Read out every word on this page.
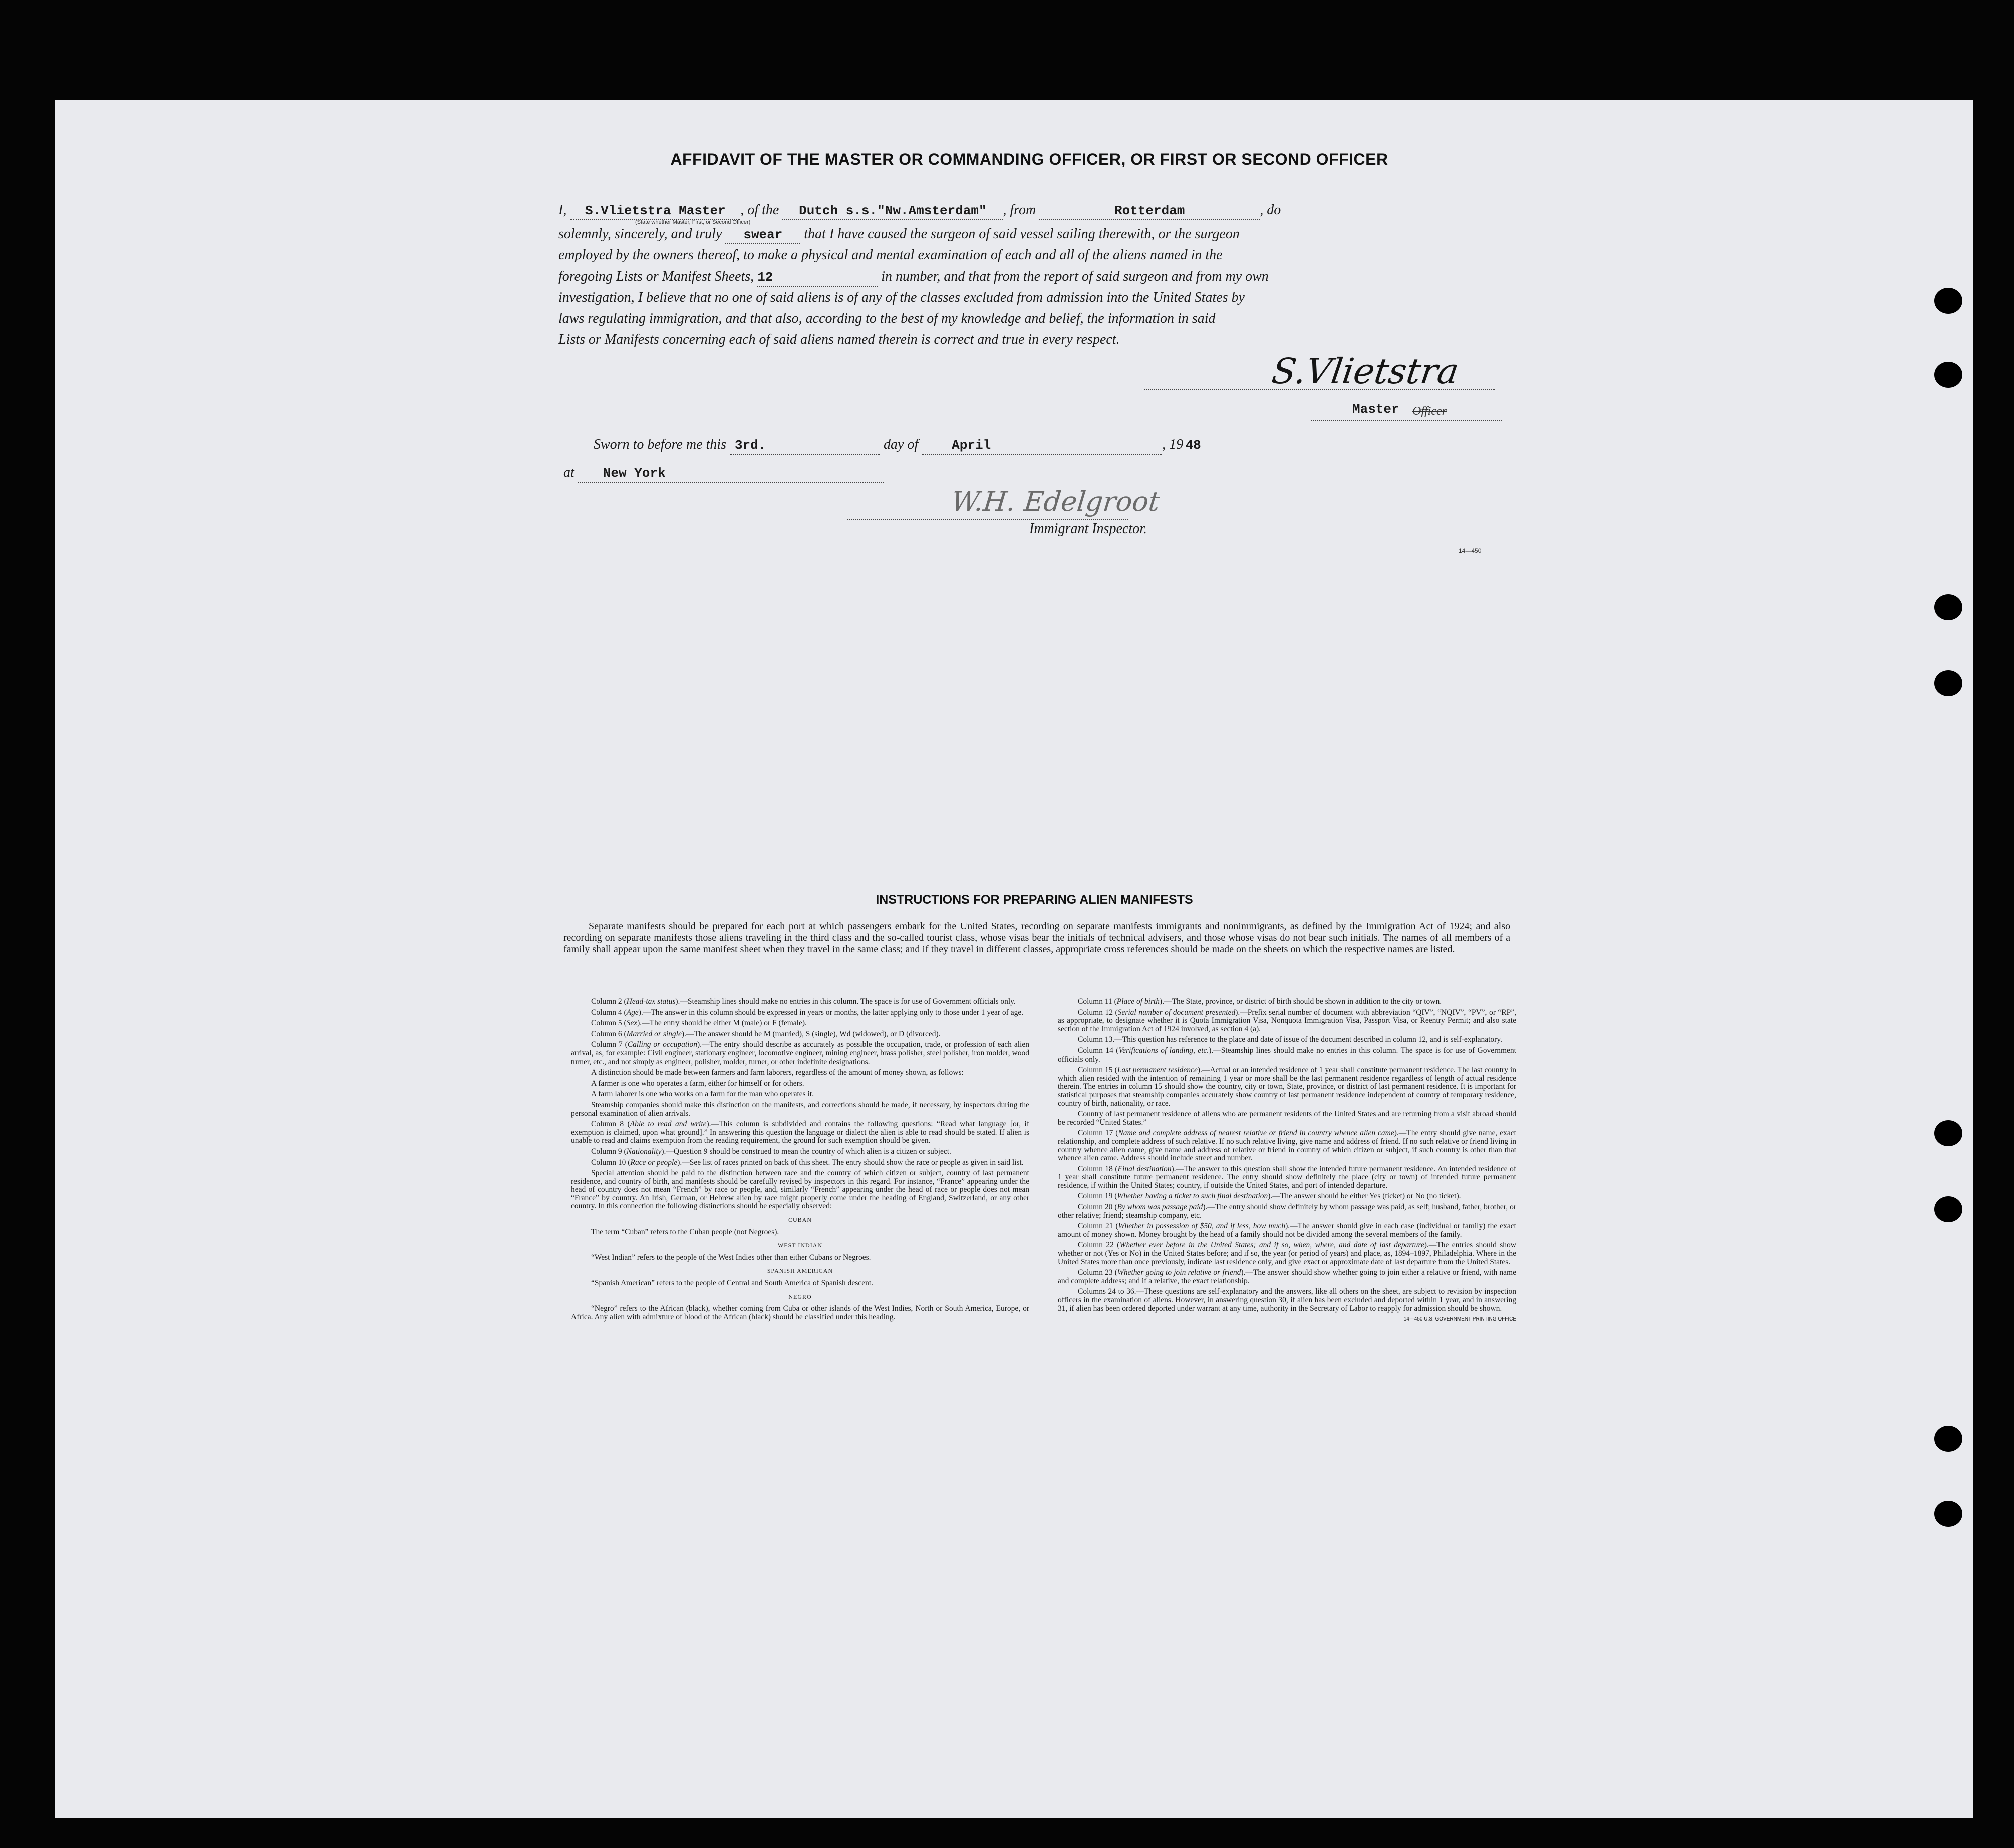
AFFIDAVIT OF THE MASTER OR COMMANDING OFFICER, OR FIRST OR SECOND OFFICER
I, S.Vlietstra Master , of the Dutch s.s."Nw.Amsterdam" , from	Rotterdam	, do
(State whether Master, First, or Second Officer)
solemnly, sincerely, and truly swear that I have caused the surgeon of said vessel sailing therewith, or the surgeon
employed by the owners thereof, to make a physical and mental examination of each and all of the aliens named in the
foregoing Lists or Manifest Sheets, 12	in number, and that from the report of said surgeon and from my own
investigation, I believe that no one of said aliens is of any of the classes excluded from admission into the United States by
laws regulating immigration, and that also, according to the best of my knowledge and belief, the information in said
Lists or Manifests concerning each of said aliens named therein is correct and true in every respect.
S.Vlietstra
Master Officer
Sworn to before me this 3rd.	day of	April	, 19 48
at New York
W.H. Edelgroot
Immigrant Inspector.
14—450
INSTRUCTIONS FOR PREPARING ALIEN MANIFESTS
Separate manifests should be prepared for each port at which passengers embark for the United States, recording on separate manifests immigrants and nonimmigrants, as defined by the Immigration Act of 1924; and also recording on separate manifests those aliens traveling in the third class and the so-called tourist class, whose visas bear the initials of technical advisers, and those whose visas do not bear such initials. The names of all members of a family shall appear upon the same manifest sheet when they travel in the same class; and if they travel in different classes, appropriate cross references should be made on the sheets on which the respective names are listed.

Column 2 (Head-tax status).—Steamship lines should make no entries in this column. The space is for use of Government officials only.

Column 4 (Age).—The answer in this column should be expressed in years or months, the latter applying only to those under 1 year of age.

Column 5 (Sex).—The entry should be either M (male) or F (female).

Column 6 (Married or single).—The answer should be M (married), S (single), Wd (widowed), or D (divorced).

Column 7 (Calling or occupation).—The entry should describe as accurately as possible the occupation, trade, or profession of each alien arrival, as, for example: Civil engineer, stationary engineer, locomotive engineer, mining engineer, brass polisher, steel polisher, iron molder, wood turner, etc., and not simply as engineer, polisher, molder, turner, or other indefinite designations.

A distinction should be made between farmers and farm laborers, regardless of the amount of money shown, as follows:

A farmer is one who operates a farm, either for himself or for others.

A farm laborer is one who works on a farm for the man who operates it.

Steamship companies should make this distinction on the manifests, and corrections should be made, if necessary, by inspectors during the personal examination of alien arrivals.

Column 8 (Able to read and write).—This column is subdivided and contains the following questions: “Read what language [or, if exemption is claimed, upon what ground].” In answering this question the language or dialect the alien is able to read should be stated. If alien is unable to read and claims exemption from the reading requirement, the ground for such exemption should be given.

Column 9 (Nationality).—Question 9 should be construed to mean the country of which alien is a citizen or subject.

Column 10 (Race or people).—See list of races printed on back of this sheet. The entry should show the race or people as given in said list.

Special attention should be paid to the distinction between race and the country of which citizen or subject, country of last permanent residence, and country of birth, and manifests should be carefully revised by inspectors in this regard. For instance, “France” appearing under the head of country does not mean “French” by race or people, and, similarly “French” appearing under the head of race or people does not mean “France” by country. An Irish, German, or Hebrew alien by race might properly come under the heading of England, Switzerland, or any other country. In this connection the following distinctions should be especially observed:

CUBAN

The term “Cuban” refers to the Cuban people (not Negroes).

WEST INDIAN

“West Indian” refers to the people of the West Indies other than either Cubans or Negroes.

SPANISH AMERICAN

“Spanish American” refers to the people of Central and South America of Spanish descent.

NEGRO

“Negro” refers to the African (black), whether coming from Cuba or other islands of the West Indies, North or South America, Europe, or Africa. Any alien with admixture of blood of the African (black) should be classified under this heading.

Column 11 (Place of birth).—The State, province, or district of birth should be shown in addition to the city or town.

Column 12 (Serial number of document presented).—Prefix serial number of document with abbreviation “QIV”, “NQIV”, “PV”, or “RP”, as appropriate, to designate whether it is Quota Immigration Visa, Nonquota Immigration Visa, Passport Visa, or Reentry Permit; and also state section of the Immigration Act of 1924 involved, as section 4 (a).

Column 13.—This question has reference to the place and date of issue of the document described in column 12, and is self-explanatory.

Column 14 (Verifications of landing, etc.).—Steamship lines should make no entries in this column. The space is for use of Government officials only.

Column 15 (Last permanent residence).—Actual or an intended residence of 1 year shall constitute permanent residence. The last country in which alien resided with the intention of remaining 1 year or more shall be the last permanent residence regardless of length of actual residence therein. The entries in column 15 should show the country, city or town, State, province, or district of last permanent residence. It is important for statistical purposes that steamship companies accurately show country of last permanent residence independent of country of temporary residence, country of birth, nationality, or race.

Country of last permanent residence of aliens who are permanent residents of the United States and are returning from a visit abroad should be recorded “United States.”

Column 17 (Name and complete address of nearest relative or friend in country whence alien came).—The entry should give name, exact relationship, and complete address of such relative. If no such relative living, give name and address of friend. If no such relative or friend living in country whence alien came, give name and address of relative or friend in country of which citizen or subject, if such country is other than that whence alien came. Address should include street and number.

Column 18 (Final destination).—The answer to this question shall show the intended future permanent residence. An intended residence of 1 year shall constitute future permanent residence. The entry should show definitely the place (city or town) of intended future permanent residence, if within the United States; country, if outside the United States, and port of intended departure.

Column 19 (Whether having a ticket to such final destination).—The answer should be either Yes (ticket) or No (no ticket).

Column 20 (By whom was passage paid).—The entry should show definitely by whom passage was paid, as self; husband, father, brother, or other relative; friend; steamship company, etc.

Column 21 (Whether in possession of $50, and if less, how much).—The answer should give in each case (individual or family) the exact amount of money shown. Money brought by the head of a family should not be divided among the several members of the family.

Column 22 (Whether ever before in the United States; and if so, when, where, and date of last departure).—The entries should show whether or not (Yes or No) in the United States before; and if so, the year (or period of years) and place, as, 1894–1897, Philadelphia. Where in the United States more than once previously, indicate last residence only, and give exact or approximate date of last departure from the United States.

Column 23 (Whether going to join relative or friend).—The answer should show whether going to join either a relative or friend, with name and complete address; and if a relative, the exact relationship.

Columns 24 to 36.—These questions are self-explanatory and the answers, like all others on the sheet, are subject to revision by inspection officers in the examination of aliens. However, in answering question 30, if alien has been excluded and deported within 1 year, and in answering 31, if alien has been ordered deported under warrant at any time, authority in the Secretary of Labor to reapply for admission should be shown.

14—450 U.S. GOVERNMENT PRINTING OFFICE
